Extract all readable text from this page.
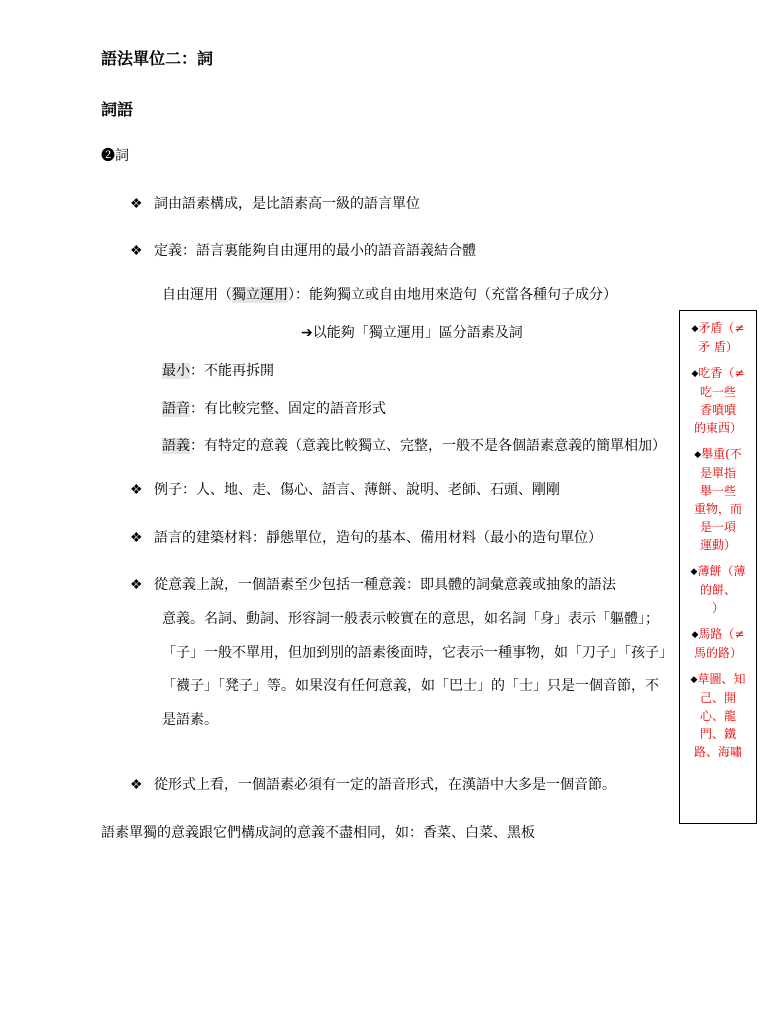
語法單位二：詞
詞語
❷詞
❖ 詞由語素構成，是比語素高一級的語言單位
❖ 定義：語言裏能夠自由運用的最小的語音語義結合體
自由運用（獨立運用）：能夠獨立或自由地用來造句（充當各種句子成分）
➔以能夠「獨立運用」區分語素及詞
最小：不能再拆開
語音：有比較完整、固定的語音形式
語義：有特定的意義（意義比較獨立、完整，一般不是各個語素意義的簡單相加）
❖ 例子：人、地、走、傷心、語言、薄餅、說明、老師、石頭、剛剛
❖ 語言的建築材料：靜態單位，造句的基本、備用材料（最小的造句單位）
❖ 從意義上說，一個語素至少包括一種意義：即具體的詞彙意義或抽象的語法
意義。名詞、動詞、形容詞一般表示較實在的意思，如名詞「身」表示「軀體」；「子」一般不單用，但加到別的語素後面時，它表示一種事物，如「刀子」「孩子」「襪子」「凳子」等。如果沒有任何意義，如「巴士」的「士」只是一個音節，不是語素。
❖ 從形式上看，一個語素必須有一定的語音形式，在漢語中大多是一個音節。
語素單獨的意義跟它們構成詞的意義不盡相同，如：香菜、白菜、黑板
◆矛盾（≠
矛 盾）
◆吃香（≠
吃一些
香噴噴
的東西）
◆舉重(不
是單指
舉一些
重物，而
是一項
運動）
◆薄餅（薄
的餅、
）
◆馬路（≠
馬的路）
◆草圖、知
己、開
心、龍
門、鐵
路、海嘯
